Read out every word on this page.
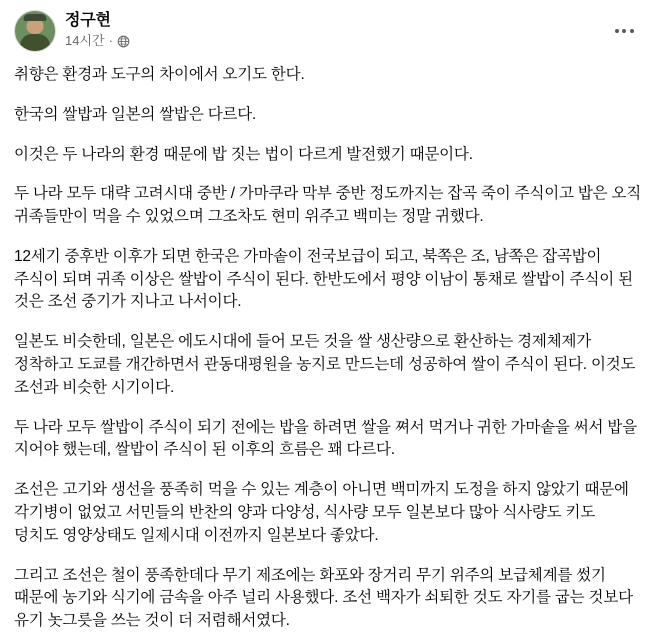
정구현
14시간 ·

취향은 환경과 도구의 차이에서 오기도 한다.

한국의 쌀밥과 일본의 쌀밥은 다르다.

이것은 두 나라의 환경 때문에 밥 짓는 법이 다르게 발전했기 때문이다.

두 나라 모두 대략 고려시대 중반 / 가마쿠라 막부 중반 정도까지는 잡곡 죽이 주식이고 밥은 오직 귀족들만이 먹을 수 있었으며 그조차도 현미 위주고 백미는 정말 귀했다.

12세기 중후반 이후가 되면 한국은 가마솥이 전국보급이 되고, 북쪽은 조, 남쪽은 잡곡밥이 주식이 되며 귀족 이상은 쌀밥이 주식이 된다. 한반도에서 평양 이남이 통채로 쌀밥이 주식이 된 것은 조선 중기가 지나고 나서이다.

일본도 비슷한데, 일본은 에도시대에 들어 모든 것을 쌀 생산량으로 환산하는 경제체제가 정착하고 도쿄를 개간하면서 관동대평원을 농지로 만드는데 성공하여 쌀이 주식이 된다. 이것도 조선과 비슷한 시기이다.

두 나라 모두 쌀밥이 주식이 되기 전에는 밥을 하려면 쌀을 쪄서 먹거나 귀한 가마솥을 써서 밥을 지어야 했는데, 쌀밥이 주식이 된 이후의 흐름은 꽤 다르다.

조선은 고기와 생선을 풍족히 먹을 수 있는 계층이 아니면 백미까지 도정을 하지 않았기 때문에 각기병이 없었고 서민들의 반찬의 양과 다양성, 식사량 모두 일본보다 많아 식사량도 키도 덩치도 영양상태도 일제시대 이전까지 일본보다 좋았다.

그리고 조선은 철이 풍족한데다 무기 제조에는 화포와 장거리 무기 위주의 보급체계를 썼기 때문에 농기와 식기에 금속을 아주 널리 사용했다. 조선 백자가 쇠퇴한 것도 자기를 굽는 것보다 유기 놋그릇을 쓰는 것이 더 저렴해서였다.
